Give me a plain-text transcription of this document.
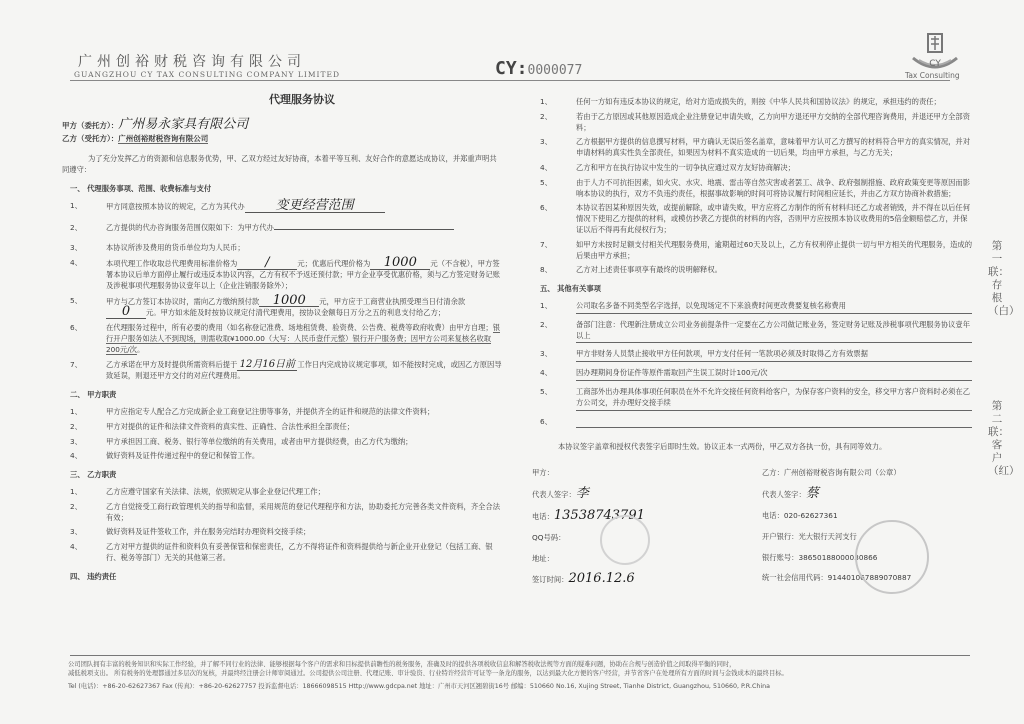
广州创裕财税咨询有限公司
GUANGZHOU CY TAX CONSULTING COMPANY LIMITED	CY:0000077	CY
Tax Consulting
第一联：存根（白）
第二联：客户（红）
代理服务协议
甲方（委托方）：广州易永家具有限公司
乙方（受托方）：广州创裕财税咨询有限公司

为了充分发挥乙方的资源和信息服务优势，甲、乙双方经过友好协商，本着平等互利、友好合作的意愿达成协议，并郑重声明共同遵守：

一、 代理服务事项、范围、收费标准与支付
1、	甲方同意按照本协议的规定，乙方为其代办 变更经营范围
2、	乙方提供的代办咨询服务范围仅限如下：为甲方代办
3、	本协议所涉及费用的货币单位均为人民币；
4、	本项代理工作收取总代理费用标准价格为 /	元；优惠后代理价格为 1000 元（不含税），甲方签署本协议后单方面停止履行或违反本协议内容，乙方有权不予返还预付款；甲方企业享受优惠价格，须与乙方签定财务记账及涉税事项代理服务协议壹年以上（企业注销服务除外）；
5、	甲方与乙方签订本协议时，需向乙方缴纳预付款 1000 元，甲方应于工商营业执照受理当日付清余款0 元。甲方如未能及时按协议规定付清代理费用，按协议金额每日万分之五的利息支付给乙方；
6、	在代理服务过程中，所有必要的费用（如名称登记准费、场地租赁费、验资费、公告费、税费等政府收费）由甲方自理；银行开户服务如法人不到现场，则需收取¥1000.00（大写：人民币壹仟元整）银行开户服务费；因甲方公司来复核名收取200元/次。
7、	乙方承诺在甲方及时提供所需资料后提于 12月16日前 工作日内完成协议规定事项，如不能按时完成，或因乙方原因导致延误，则退还甲方交付的对应代理费用。
二、 甲方职责
1、	甲方应指定专人配合乙方完成新企业工商登记注册等事务，并提供齐全的证件和规范的法律文件资料；
2、	甲方对提供的证件和法律文件资料的真实性、正确性、合法性承担全部责任；
3、	甲方承担因工商、税务、银行等单位缴纳的有关费用，或者由甲方提供经费，由乙方代为缴纳；
4、	做好资料及证件传递过程中的登记和保管工作。
三、 乙方职责
1、	乙方应遵守国家有关法律、法规，依照规定从事企业登记代理工作；
2、	乙方自觉接受工商行政管理机关的指导和监督，采用规范的登记代理程序和方法，协助委托方完善各类文件资料，齐全合法有效；
3、	做好资料及证件签收工作，并在服务完结时办理资料交接手续；
4、	乙方对甲方提供的证件和资料负有妥善保管和保密责任，乙方不得将证件和资料提供给与新企业开业登记（包括工商、银行、税务等部门）无关的其他第三者。
四、 违约责任
1、	任何一方如有违反本协议的规定，给对方造成损失的，则按《中华人民共和国协议法》的规定，承担违约的责任；
2、	若由于乙方原因或其他原因造成企业注册登记申请失败，乙方向甲方退还甲方交纳的全部代理咨询费用，并退还甲方全部资料；
3、	乙方根据甲方提供的信息撰写材料，甲方确认无误后签名盖章，意味着甲方认可乙方撰写的材料符合甲方的真实情况，并对申请材料的真实性负全部责任，如果因为材料不真实造成的一切后果，均由甲方承担，与乙方无关；
4、	乙方和甲方在执行协议中发生的一切争执应通过双方友好协商解决；
5、	由于人力不可抗拒因素，如火灾、水灾、地震、雷击等自然灾害或者罢工、战争、政府强制措施、政府政策变更等原因而影响本协议的执行，双方不负违约责任，根据事故影响的时间可将协议履行时间相应延长，并由乙方双方协商补救措施；
6、	本协议若因某种原因失效，或提前解除，或申请失败，甲方应将乙方制作的所有材料归还乙方或者销毁，并不得在以后任何情况下使用乙方提供的材料，或模仿抄袭乙方提供的材料的内容，否则甲方应按照本协议收费用的5倍金额赔偿乙方，并保证以后不得再有此侵权行为；
7、	如甲方未按时足额支付相关代理服务费用，逾期超过60天及以上，乙方有权利停止提供一切与甲方相关的代理服务，造成的后果由甲方承担；
8、	乙方对上述责任事项享有最终的说明解释权。
五、 其他有关事项
1、	公司取名多备不同类型名字选择，以免现场定不下来浪费时间更改费要复核名称费用
2、	备部门注意：代理新注册成立公司业务前提条件一定要在乙方公司做记账业务，签定财务记账及涉税事项代理服务协议壹年以上
3、	甲方非财务人员禁止接收甲方任何款项，甲方支付任何一笔款项必须及时取得乙方有效票据
4、	因办理期间身份证件等原件需取回产生误工误时计100元/次
5、	工商部外出办理具体事项任何职员在外不允许交接任何资料给客户，为保存客户资料的安全，移交甲方客户资料时必须在乙方公司交，并办理好交接手续
6、

本协议签字盖章和授权代表签字后即时生效。协议正本一式两份，甲乙双方各执一份，具有同等效力。

甲方：
代表人签字：李
电话：13538743791
QQ号码：
地址：
签订时间：2016.12.6
乙方：广州创裕财税咨询有限公司（公章）
代表人签字：蔡
电话：020-62627361
开户银行：光大银行天河支行
银行账号：38650188000030866
统一社会信用代码：914401067889070887
公司团队拥有丰富的税务知识和实际工作经验，并了解不同行业的法律、能够根据每个客户的需求和目标提供前瞻性的税务服务，准确及时的提供各项税收信息和解答税收法规等方面的疑难问题，协助在合规与创造价值之间取得平衡的同时，
减低税项支出。 所有税务的处理都通过多层次的复核，并最终经注册会计师审阅通过。公司提供公司注册、代理记账、审计验资、行业特许经营许可证等一条龙的服务，以达到最大化方便的客户经营，并节省客户在处理所有方面的时间与金钱成本的最终目标。
Tel (电话)：+86-20-62627367 Fax (传真)：+86-20-62627757 投诉监督电话：18666098515 Http://www.gdcpa.net 地址：广州市天河区翘碧街16号 邮编：510660 No.16, Xujing Street, Tianhe District, Guangzhou, 510660, P.R.China
